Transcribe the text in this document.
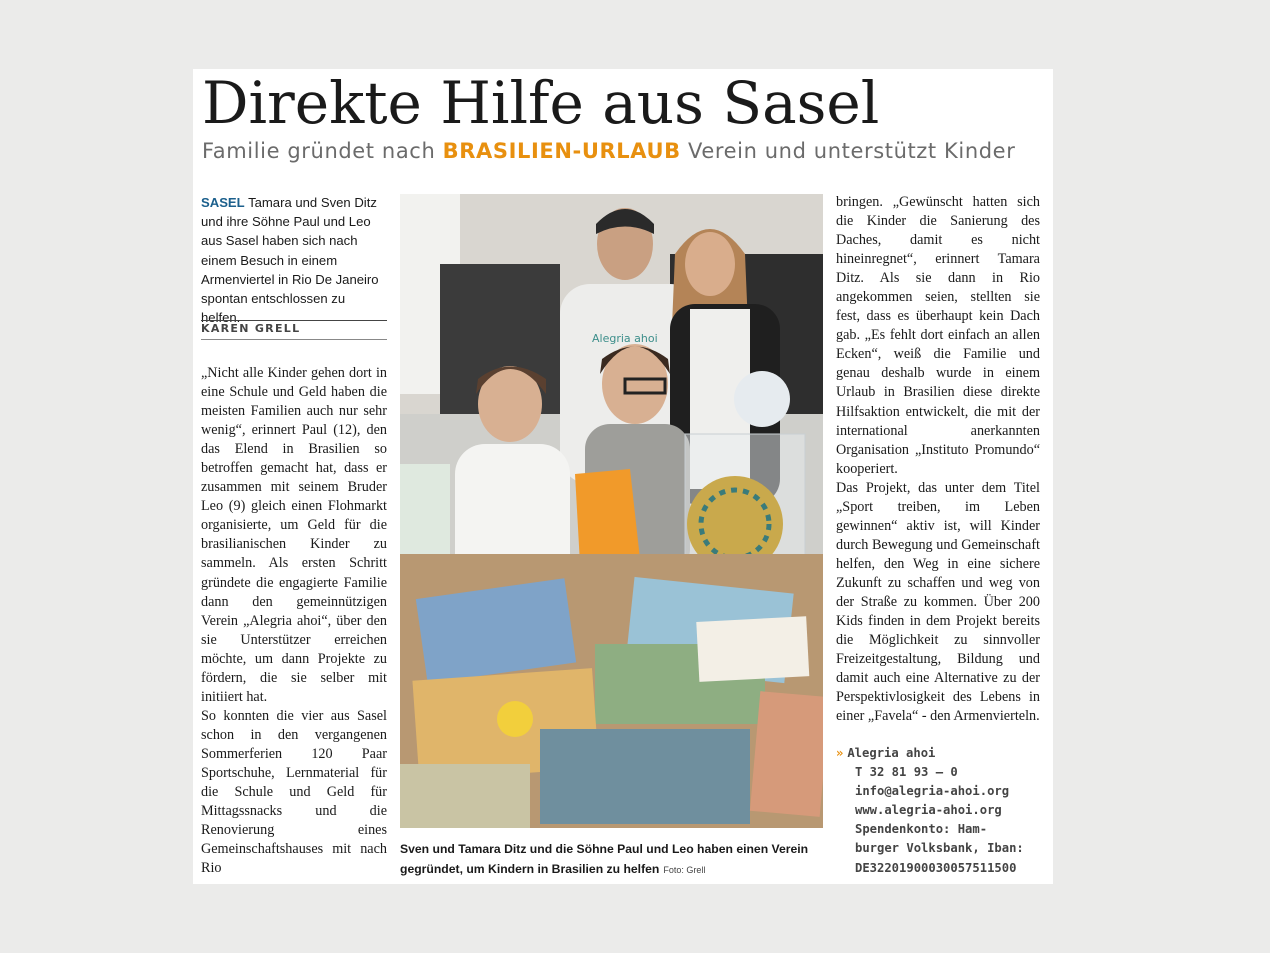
Direkte Hilfe aus Sasel
Familie gründet nach BRASILIEN-URLAUB Verein und unterstützt Kinder
SASEL Tamara und Sven Ditz und ihre Söhne Paul und Leo aus Sasel haben sich nach einem Besuch in einem Armenviertel in Rio De Janeiro spontan entschlossen zu helfen.
KAREN GRELL

„Nicht alle Kinder gehen dort in eine Schule und Geld haben die meisten Familien auch nur sehr wenig“, erinnert Paul (12), den das Elend in Brasilien so betroffen gemacht hat, dass er zusammen mit seinem Bruder Leo (9) gleich einen Flohmarkt organisierte, um Geld für die brasilianischen Kinder zu sammeln. Als ersten Schritt gründete die engagierte Familie dann den gemeinnützigen Verein „Alegria ahoi“, über den sie Unterstützer erreichen möchte, um dann Projekte zu fördern, die sie selber mit initiiert hat.

So konnten die vier aus Sasel schon in den vergangenen Sommerferien 120 Paar Sportschuhe, Lernmaterial für die Schule und Geld für Mittagssnacks und die Renovierung eines Gemeinschaftshauses mit nach Rio

Alegria ahoi
Sven und Tamara Ditz und die Söhne Paul und Leo haben einen Verein gegründet, um Kindern in Brasilien zu helfen Foto: Grell

bringen. „Gewünscht hatten sich die Kinder die Sanierung des Daches, damit es nicht hineinregnet“, erinnert Tamara Ditz. Als sie dann in Rio angekommen seien, stellten sie fest, dass es überhaupt kein Dach gab. „Es fehlt dort einfach an allen Ecken“, weiß die Familie und genau deshalb wurde in einem Urlaub in Brasilien diese direkte Hilfsaktion entwickelt, die mit der international anerkannten Organisation „Instituto Promundo“ kooperiert.

Das Projekt, das unter dem Titel „Sport treiben, im Leben gewinnen“ aktiv ist, will Kinder durch Bewegung und Gemeinschaft helfen, den Weg in eine sichere Zukunft zu schaffen und weg von der Straße zu kommen. Über 200 Kids finden in dem Projekt bereits die Möglichkeit zu sinnvoller Freizeitgestaltung, Bildung und damit auch eine Alternative zu der Perspektivlosigkeit des Lebens in einer „Favela“ - den Armenvierteln.

» Alegria ahoi
T 32 81 93 – 0
info@alegria-ahoi.org
www.alegria-ahoi.org
Spendenkonto: Ham-
burger Volksbank, Iban:
DE32201900030057511500
